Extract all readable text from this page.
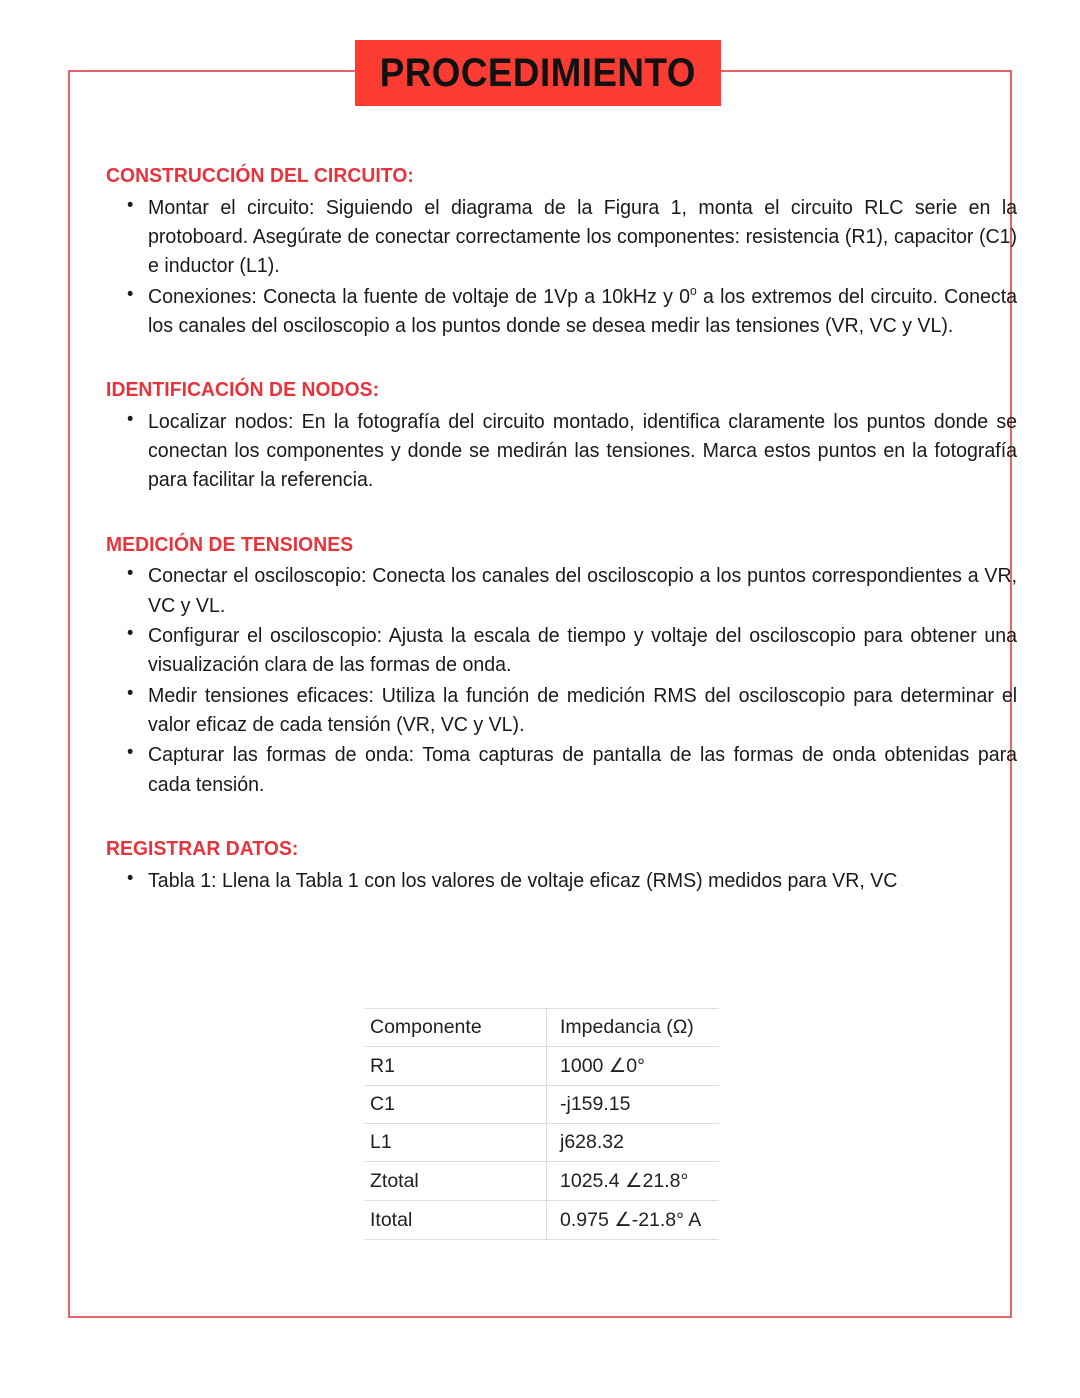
PROCEDIMIENTO
CONSTRUCCIÓN DEL CIRCUITO:
• Montar el circuito: Siguiendo el diagrama de la Figura 1, monta el circuito RLC serie en la protoboard. Asegúrate de conectar correctamente los componentes: resistencia (R1), capacitor (C1) e inductor (L1).
• Conexiones: Conecta la fuente de voltaje de 1Vp a 10kHz y 0$^o$ a los extremos del circuito. Conecta los canales del osciloscopio a los puntos donde se desea medir las tensiones (VR, VC y VL).
IDENTIFICACIÓN DE NODOS:
• Localizar nodos: En la fotografía del circuito montado, identifica claramente los puntos donde se conectan los componentes y donde se medirán las tensiones. Marca estos puntos en la fotografía para facilitar la referencia.
MEDICIÓN DE TENSIONES
• Conectar el osciloscopio: Conecta los canales del osciloscopio a los puntos correspondientes a VR, VC y VL.
• Configurar el osciloscopio: Ajusta la escala de tiempo y voltaje del osciloscopio para obtener una visualización clara de las formas de onda.
• Medir tensiones eficaces: Utiliza la función de medición RMS del osciloscopio para determinar el valor eficaz de cada tensión (VR, VC y VL).
• Capturar las formas de onda: Toma capturas de pantalla de las formas de onda obtenidas para cada tensión.
REGISTRAR DATOS:
• Tabla 1: Llena la Tabla 1 con los valores de voltaje eficaz (RMS) medidos para VR, VC
Componente	Impedancia (Ω)
R1	1000 ∠0°
C1	-j159.15
L1	j628.32
Ztotal	1025.4 ∠21.8°
Itotal	0.975 ∠-21.8° A
